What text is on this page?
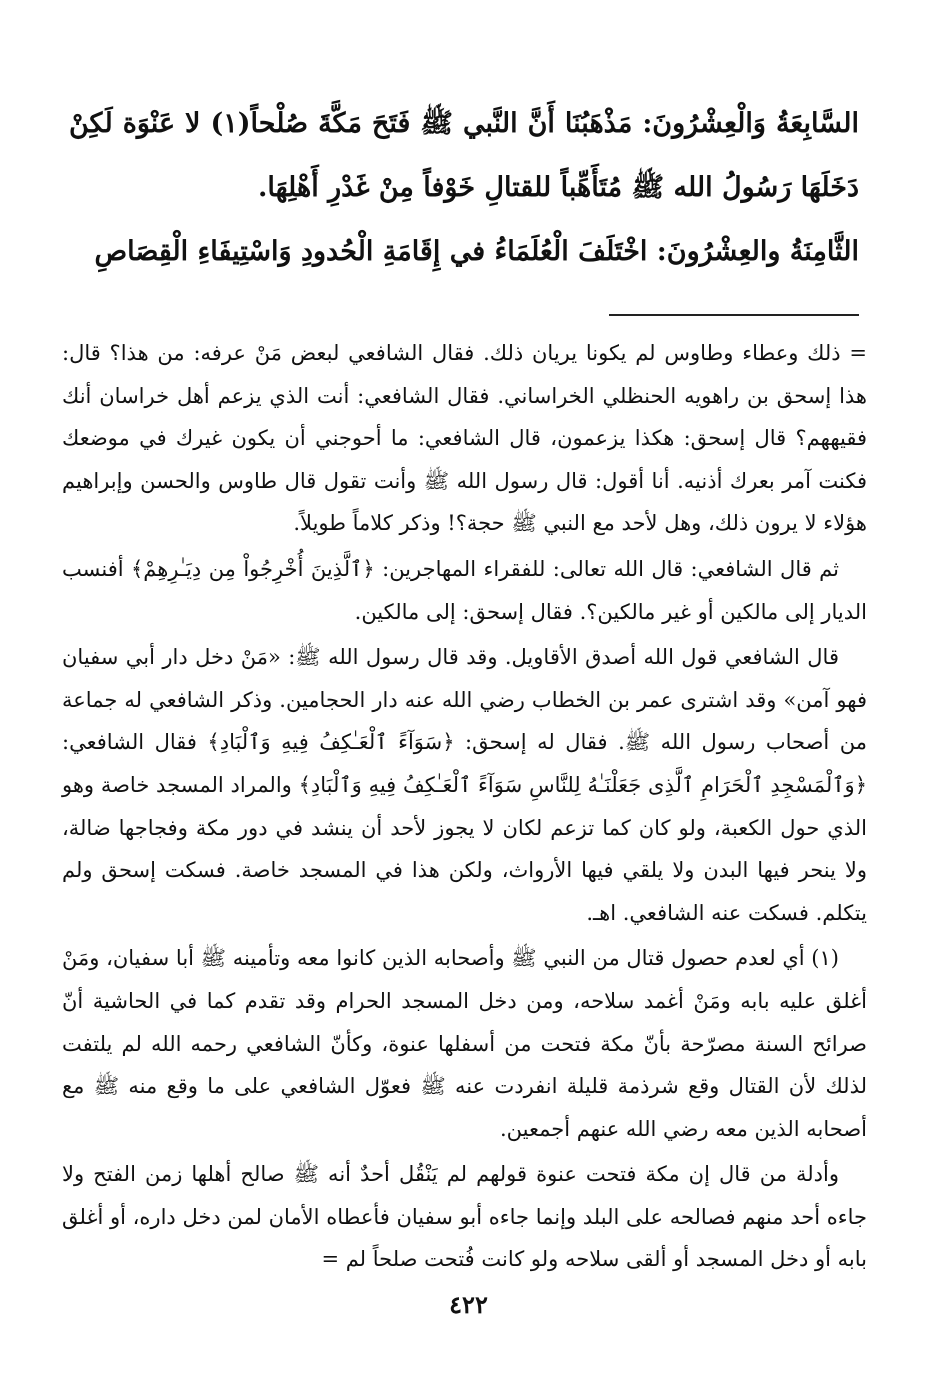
السَّابِعَةُ وَالْعِشْرُونَ: مَذْهَبُنَا أَنَّ النَّبي ﷺ فَتَحَ مَكَّةَ صُلْحاً(١) لا عَنْوَة لَكِنْ دَخَلَهَا رَسُولُ الله ﷺ مُتَأَهِّباً للقتالِ خَوْفاً مِنْ غَدْرِ أَهْلِهَا.

الثَّامِنَةُ والعِشْرُونَ: اخْتَلَفَ الْعُلَمَاءُ في إِقَامَةِ الْحُدودِ وَاسْتِيفَاءِ الْقِصَاصِ

= ذلك وعطاء وطاوس لم يكونا يريان ذلك. فقال الشافعي لبعض مَنْ عرفه: من هذا؟ قال: هذا إسحق بن راهويه الحنظلي الخراساني. فقال الشافعي: أنت الذي يزعم أهل خراسان أنك فقيههم؟ قال إسحق: هكذا يزعمون، قال الشافعي: ما أحوجني أن يكون غيرك في موضعك فكنت آمر بعرك أذنيه. أنا أقول: قال رسول الله ﷺ وأنت تقول قال طاوس والحسن وإبراهيم هؤلاء لا يرون ذلك، وهل لأحد مع النبي ﷺ حجة؟! وذكر كلاماً طويلاً.

ثم قال الشافعي: قال الله تعالى: للفقراء المهاجرين: ﴿ٱلَّذِينَ أُخْرِجُواْ مِن دِيَـٰرِهِمْ﴾ أفنسب الديار إلى مالكين أو غير مالكين؟. فقال إسحق: إلى مالكين.

قال الشافعي قول الله أصدق الأقاويل. وقد قال رسول الله ﷺ: «مَنْ دخل دار أبي سفيان فهو آمن» وقد اشترى عمر بن الخطاب رضي الله عنه دار الحجامين. وذكر الشافعي له جماعة من أصحاب رسول الله ﷺ. فقال له إسحق: ﴿سَوَآءً ٱلْعَـٰكِفُ فِيهِ وَٱلْبَادِ﴾ فقال الشافعي: ﴿وَٱلْمَسْجِدِ ٱلْحَرَامِ ٱلَّذِى جَعَلْنَـٰهُ لِلنَّاسِ سَوَآءً ٱلْعَـٰكِفُ فِيهِ وَٱلْبَادِ﴾ والمراد المسجد خاصة وهو الذي حول الكعبة، ولو كان كما تزعم لكان لا يجوز لأحد أن ينشد في دور مكة وفجاجها ضالة، ولا ينحر فيها البدن ولا يلقي فيها الأرواث، ولكن هذا في المسجد خاصة. فسكت إسحق ولم يتكلم. فسكت عنه الشافعي. اهـ.

(١) أي لعدم حصول قتال من النبي ﷺ وأصحابه الذين كانوا معه وتأمينه ﷺ أبا سفيان، ومَنْ أغلق عليه بابه ومَنْ أغمد سلاحه، ومن دخل المسجد الحرام وقد تقدم كما في الحاشية أنّ صرائح السنة مصرّحة بأنّ مكة فتحت من أسفلها عنوة، وكأنّ الشافعي رحمه الله لم يلتفت لذلك لأن القتال وقع شرذمة قليلة انفردت عنه ﷺ فعوّل الشافعي على ما وقع منه ﷺ مع أصحابه الذين معه رضي الله عنهم أجمعين.

وأدلة من قال إن مكة فتحت عنوة قولهم لم يَنْقُل أحدٌ أنه ﷺ صالح أهلها زمن الفتح ولا جاءه أحد منهم فصالحه على البلد وإنما جاءه أبو سفيان فأعطاه الأمان لمن دخل داره، أو أغلق بابه أو دخل المسجد أو ألقى سلاحه ولو كانت فُتحت صلحاً لم =

٤٢٢
